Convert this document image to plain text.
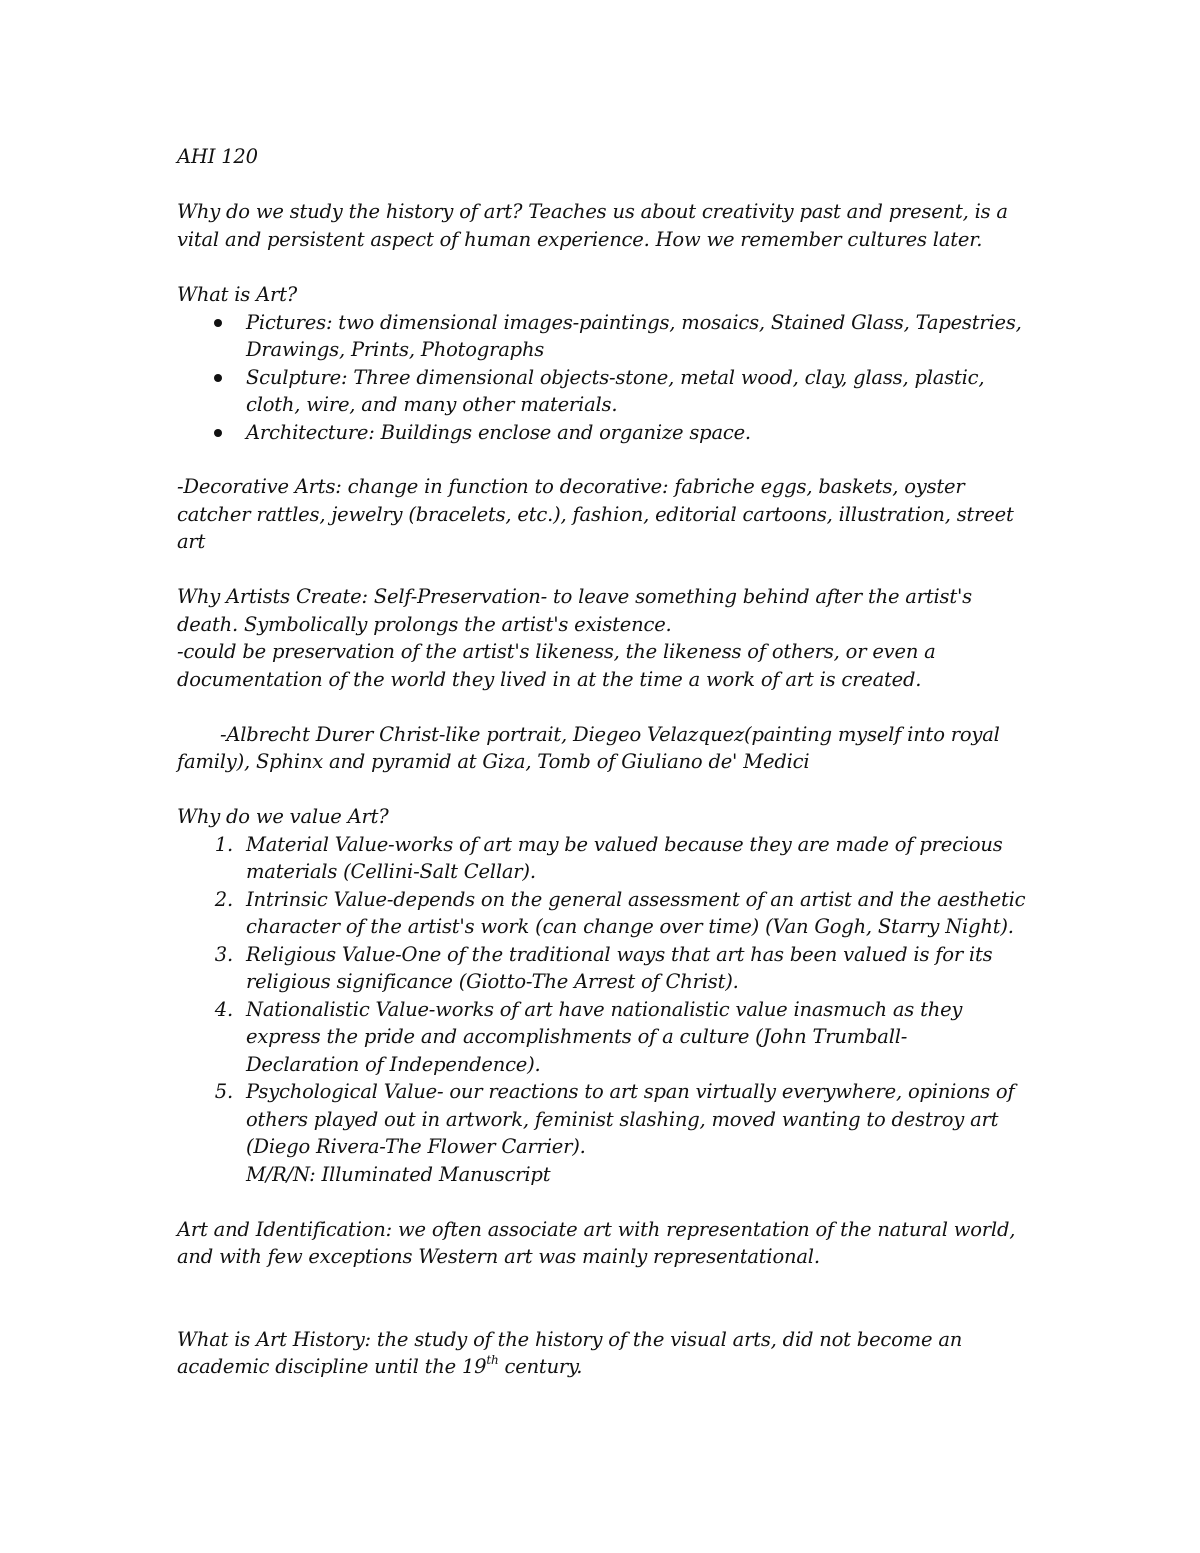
AHI 120
Why do we study the history of art? Teaches us about creativity past and present, is a
vital and persistent aspect of human experience. How we remember cultures later.
What is Art?
Pictures: two dimensional images-paintings, mosaics, Stained Glass, Tapestries,
Drawings, Prints, Photographs
Sculpture: Three dimensional objects-stone, metal wood, clay, glass, plastic,
cloth, wire, and many other materials.
Architecture: Buildings enclose and organize space.
-Decorative Arts: change in function to decorative: fabriche eggs, baskets, oyster
catcher rattles, jewelry (bracelets, etc.), fashion, editorial cartoons, illustration, street
art
Why Artists Create: Self-Preservation- to leave something behind after the artist's
death. Symbolically prolongs the artist's existence.
-could be preservation of the artist's likeness, the likeness of others, or even a
documentation of the world they lived in at the time a work of art is created.
-Albrecht Durer Christ-like portrait, Diegeo Velazquez(painting myself into royal
family), Sphinx and pyramid at Giza, Tomb of Giuliano de' Medici
Why do we value Art?
1. Material Value-works of art may be valued because they are made of precious
materials (Cellini-Salt Cellar).
2. Intrinsic Value-depends on the general assessment of an artist and the aesthetic
character of the artist's work (can change over time) (Van Gogh, Starry Night).
3. Religious Value-One of the traditional ways that art has been valued is for its
religious significance (Giotto-The Arrest of Christ).
4. Nationalistic Value-works of art have nationalistic value inasmuch as they
express the pride and accomplishments of a culture (John Trumball-
Declaration of Independence).
5. Psychological Value- our reactions to art span virtually everywhere, opinions of
others played out in artwork, feminist slashing, moved wanting to destroy art
(Diego Rivera-The Flower Carrier).
M/R/N: Illuminated Manuscript
Art and Identification: we often associate art with representation of the natural world,
and with few exceptions Western art was mainly representational.
What is Art History: the study of the history of the visual arts, did not become an
academic discipline until the 19th century.
